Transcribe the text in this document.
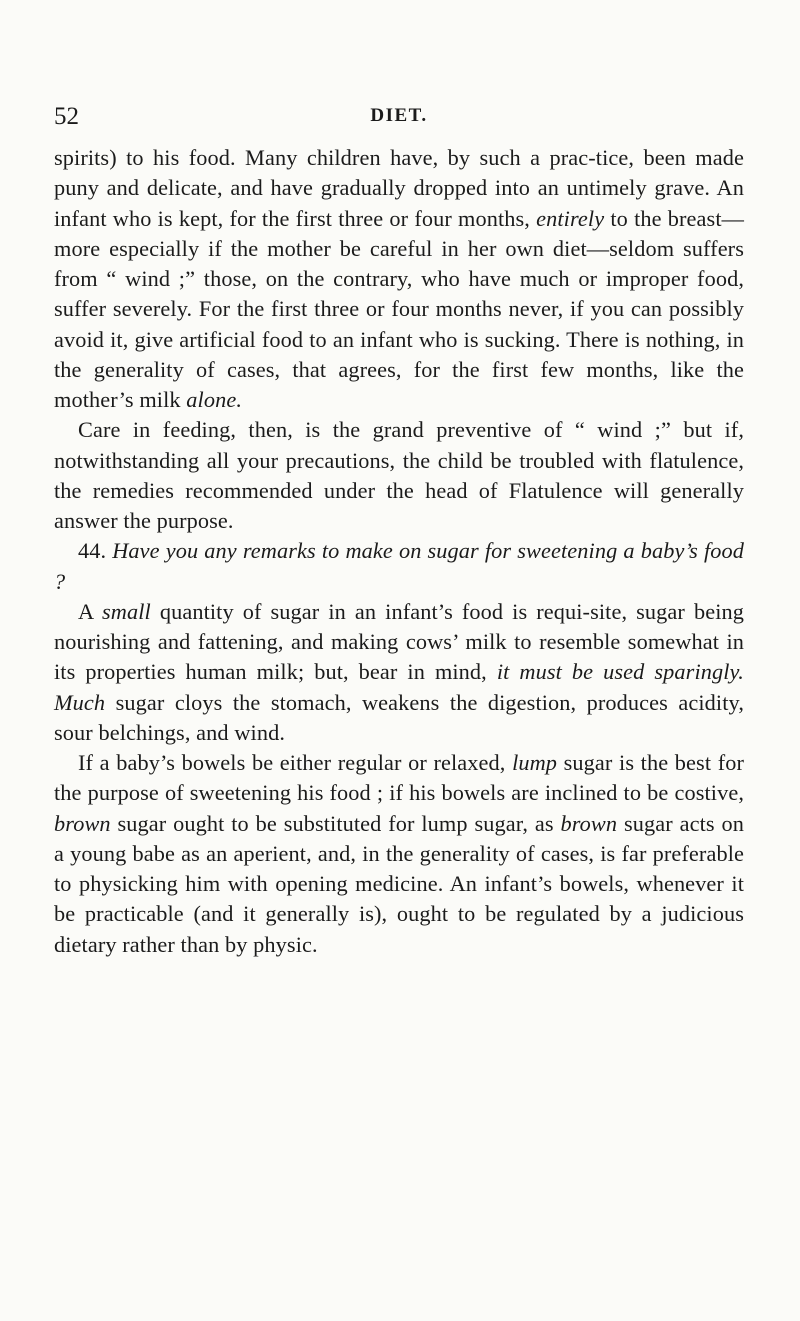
52	DIET.

spirits) to his food. Many children have, by such a prac-tice, been made puny and delicate, and have gradually dropped into an untimely grave. An infant who is kept, for the first three or four months, entirely to the breast—more especially if the mother be careful in her own diet—seldom suffers from “ wind ;” those, on the contrary, who have much or improper food, suffer severely. For the first three or four months never, if you can possibly avoid it, give artificial food to an infant who is sucking. There is nothing, in the generality of cases, that agrees, for the first few months, like the mother’s milk alone.

Care in feeding, then, is the grand preventive of “ wind ;” but if, notwithstanding all your precautions, the child be troubled with flatulence, the remedies recommended under the head of Flatulence will generally answer the purpose.

44. Have you any remarks to make on sugar for sweetening a baby’s food ?

A small quantity of sugar in an infant’s food is requi-site, sugar being nourishing and fattening, and making cows’ milk to resemble somewhat in its properties human milk; but, bear in mind, it must be used sparingly. Much sugar cloys the stomach, weakens the digestion, produces acidity, sour belchings, and wind.

If a baby’s bowels be either regular or relaxed, lump sugar is the best for the purpose of sweetening his food ; if his bowels are inclined to be costive, brown sugar ought to be substituted for lump sugar, as brown sugar acts on a young babe as an aperient, and, in the generality of cases, is far preferable to physicking him with opening medicine. An infant’s bowels, whenever it be practicable (and it generally is), ought to be regulated by a judicious dietary rather than by physic.
